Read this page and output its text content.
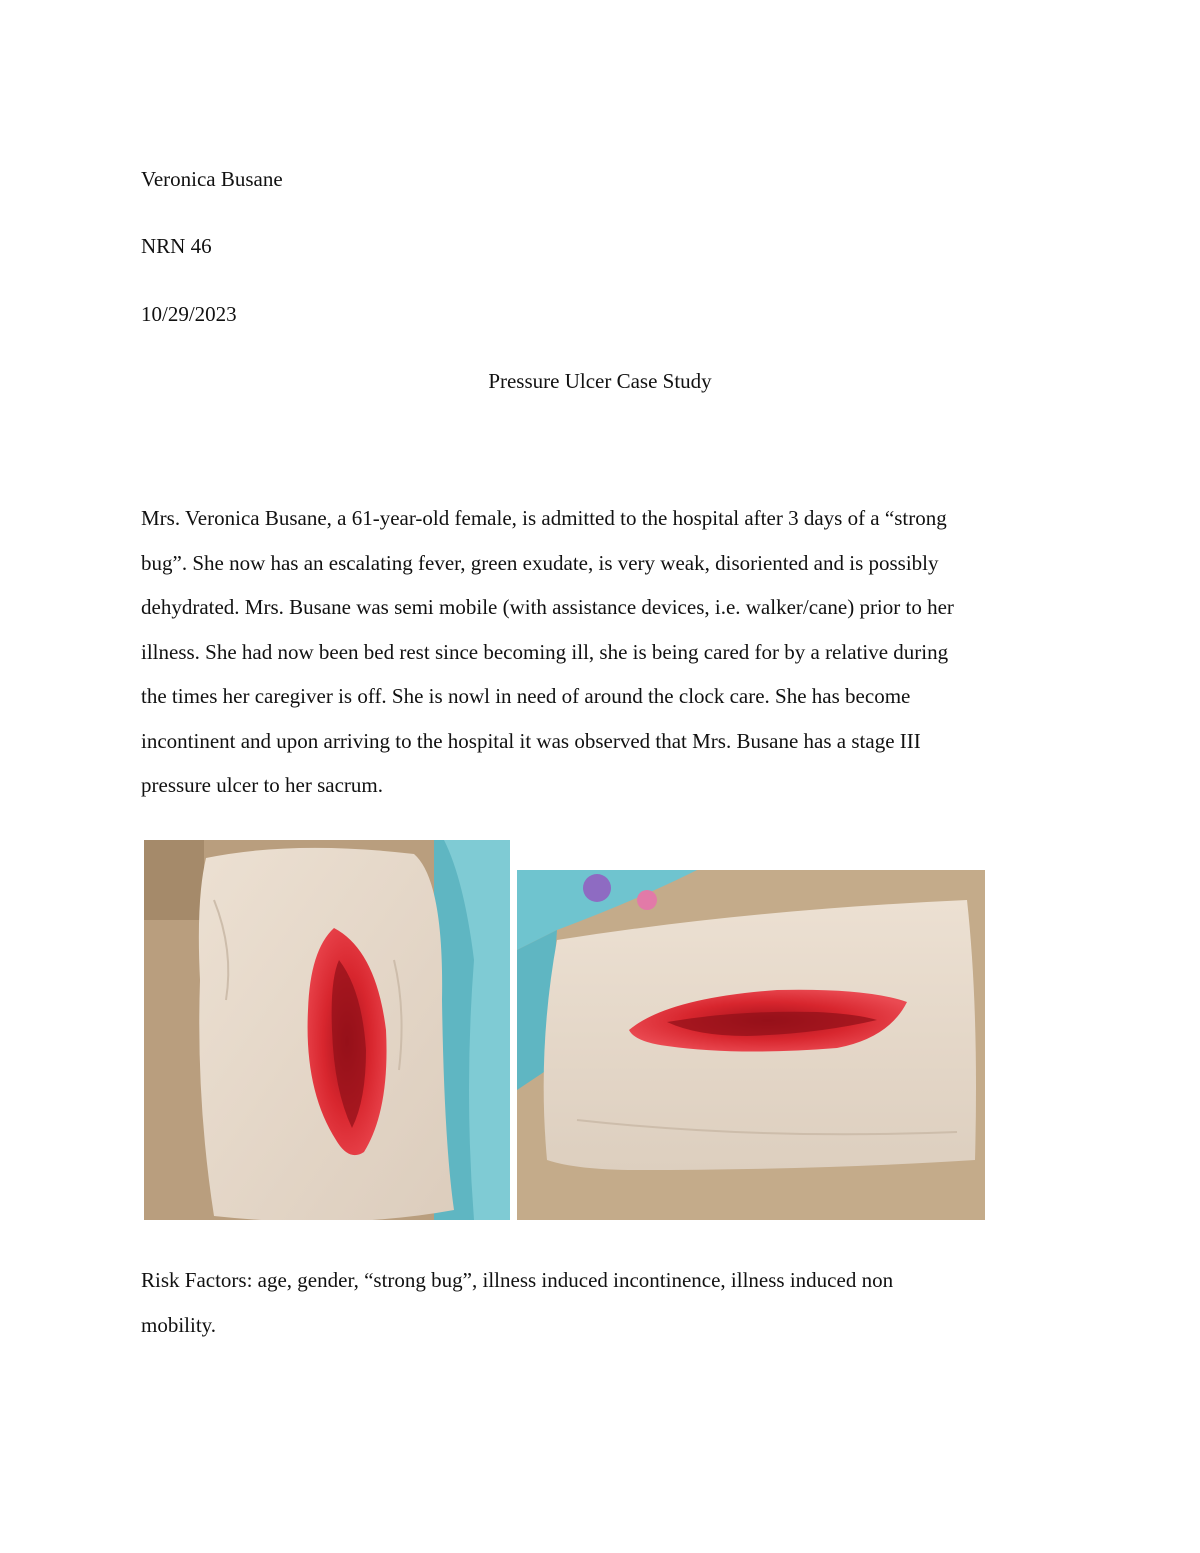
Veronica Busane
NRN 46
10/29/2023
Pressure Ulcer Case Study
Mrs. Veronica Busane, a 61-year-old female, is admitted to the hospital after 3 days of a “strong
bug”. She now has an escalating fever, green exudate, is very weak, disoriented and is possibly
dehydrated. Mrs. Busane was semi mobile (with assistance devices, i.e. walker/cane) prior to her
illness. She had now been bed rest since becoming ill, she is being cared for by a relative during
the times her caregiver is off. She is nowl in need of around the clock care. She has become
incontinent and upon arriving to the hospital it was observed that Mrs. Busane has a stage III
pressure ulcer to her sacrum.
Risk Factors: age, gender, “strong bug”, illness induced incontinence, illness induced non
mobility.
